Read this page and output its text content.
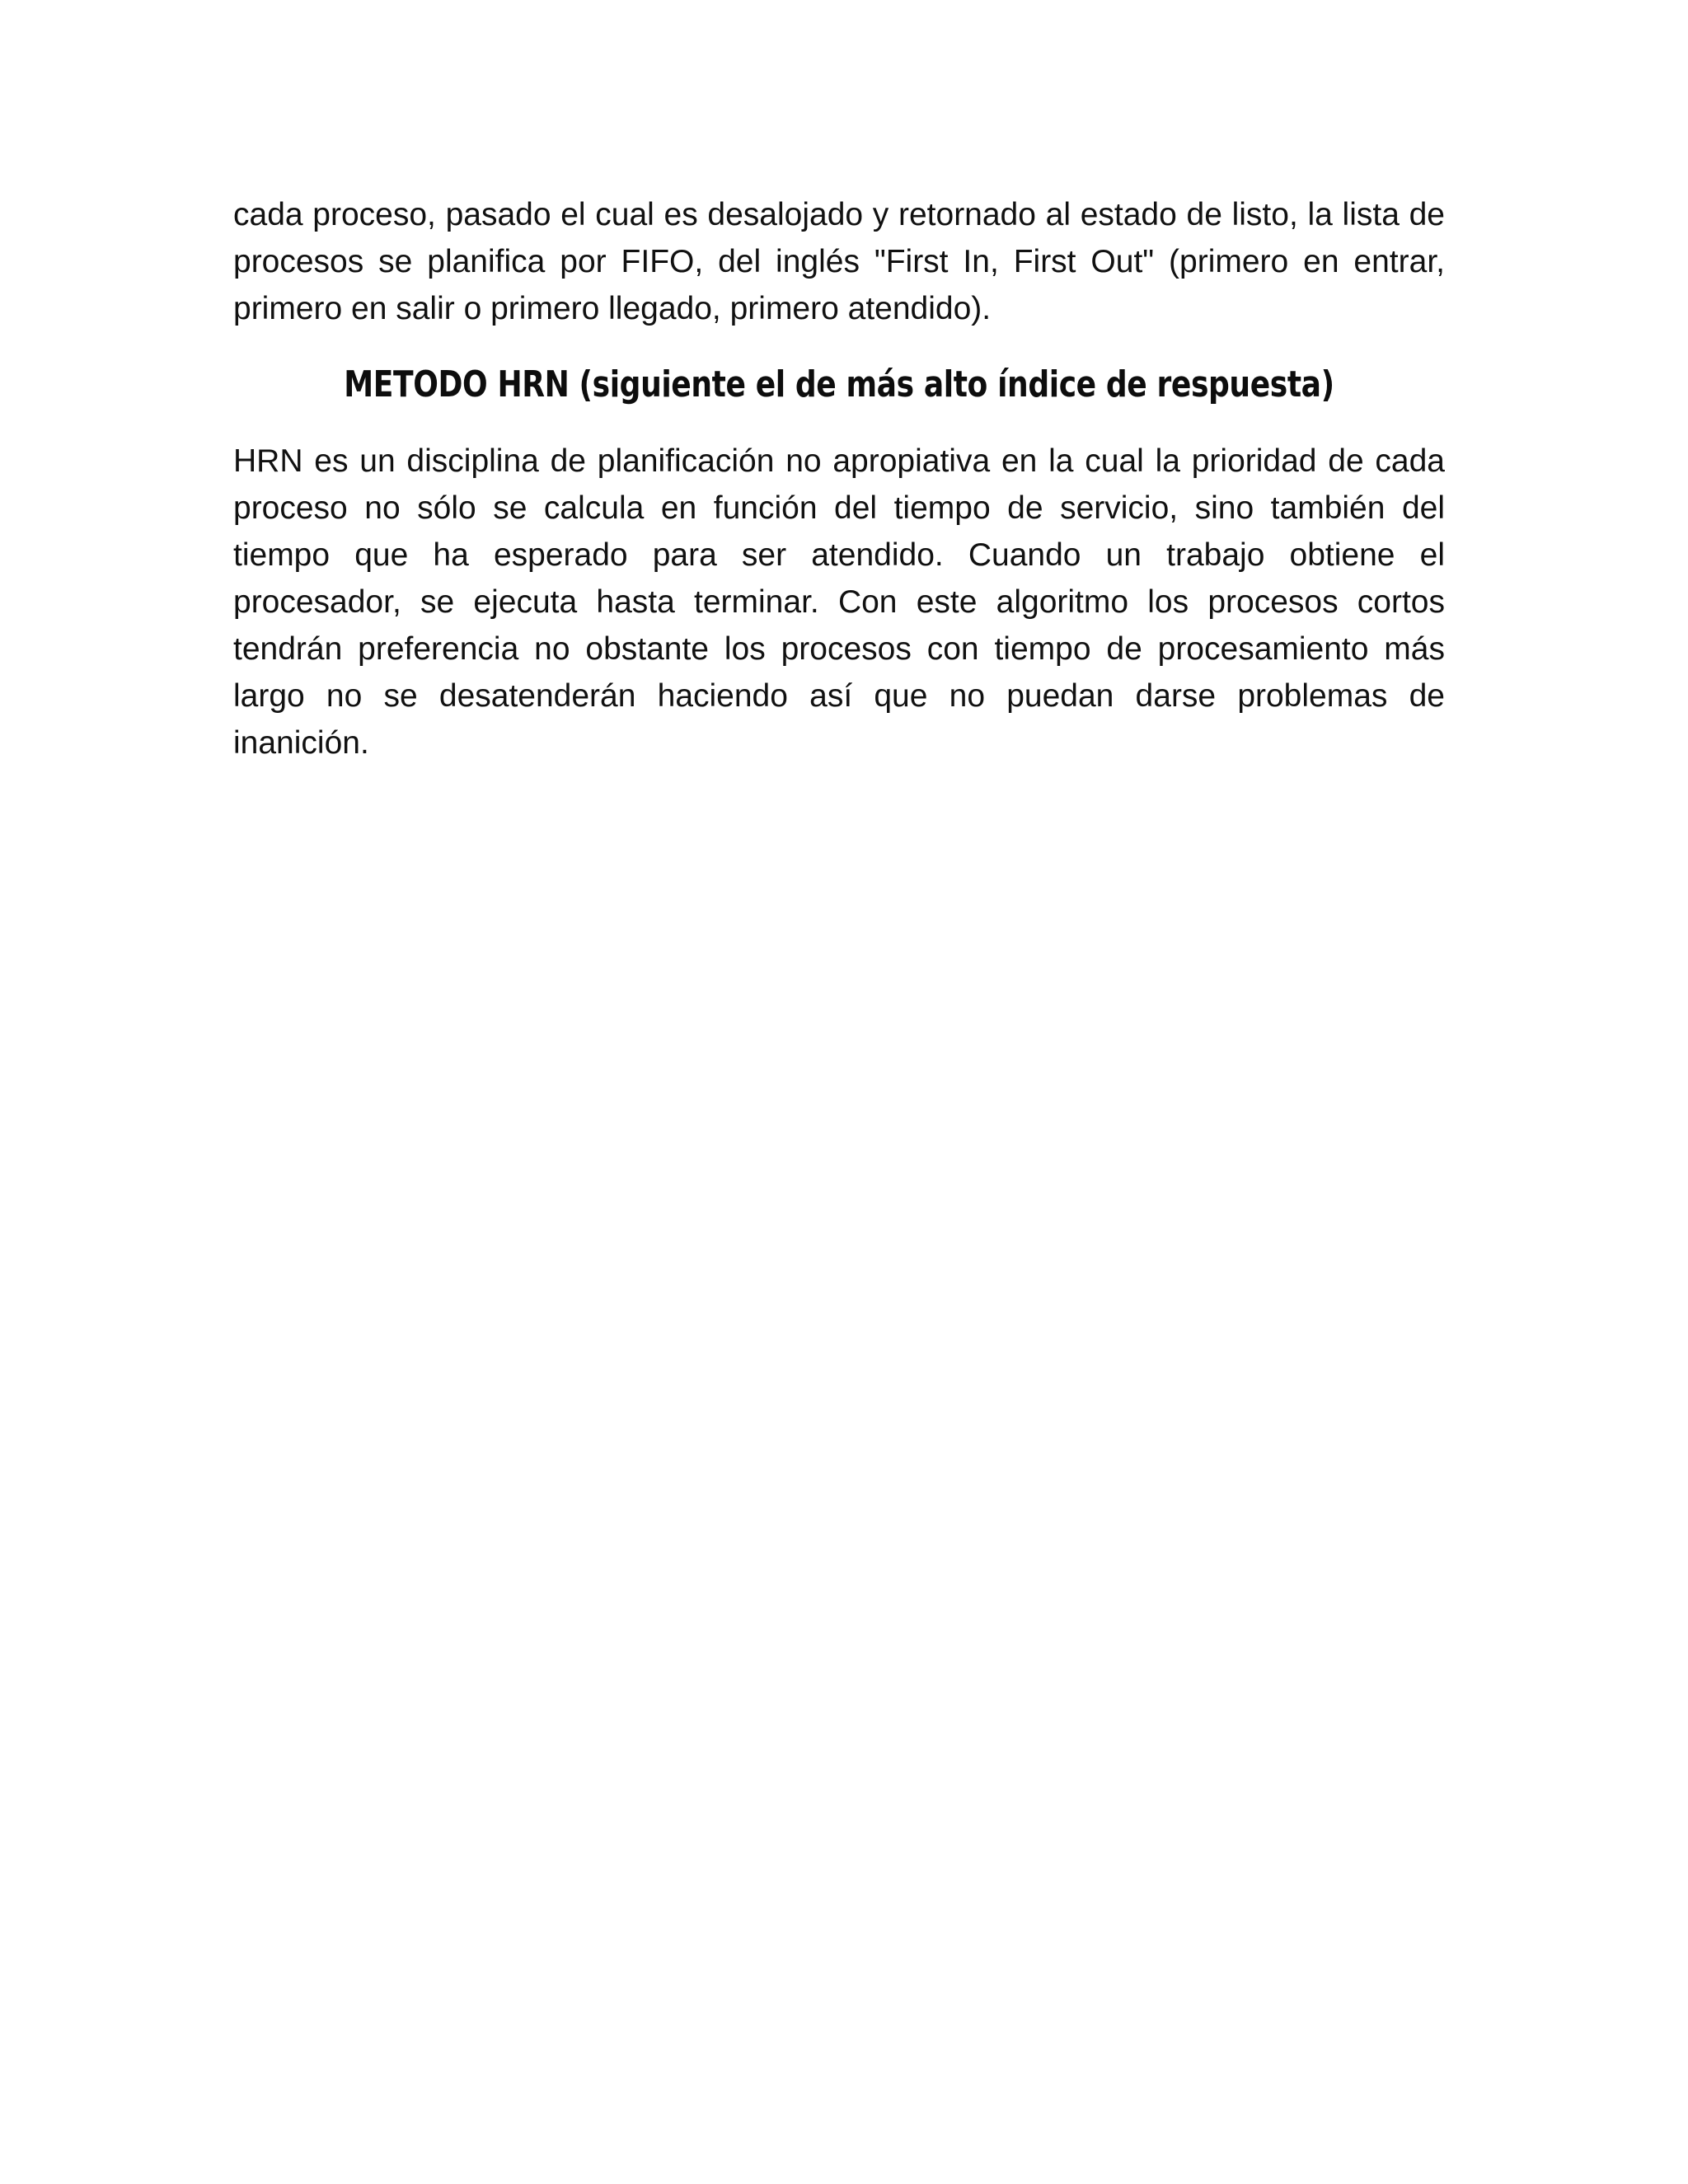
cada proceso, pasado el cual es desalojado y retornado al estado de listo, la lista de procesos se planifica por FIFO, del inglés "First In, First Out" (primero en entrar, primero en salir o primero llegado, primero atendido).

METODO HRN (siguiente el de más alto índice de respuesta)

HRN es un disciplina de planificación no apropiativa en la cual la prioridad de cada proceso no sólo se calcula en función del tiempo de servicio, sino también del tiempo que ha esperado para ser atendido. Cuando un trabajo obtiene el procesador, se ejecuta hasta terminar. Con este algoritmo los procesos cortos tendrán preferencia no obstante los procesos con tiempo de procesamiento más largo no se desatenderán haciendo así que no puedan darse problemas de inanición.
